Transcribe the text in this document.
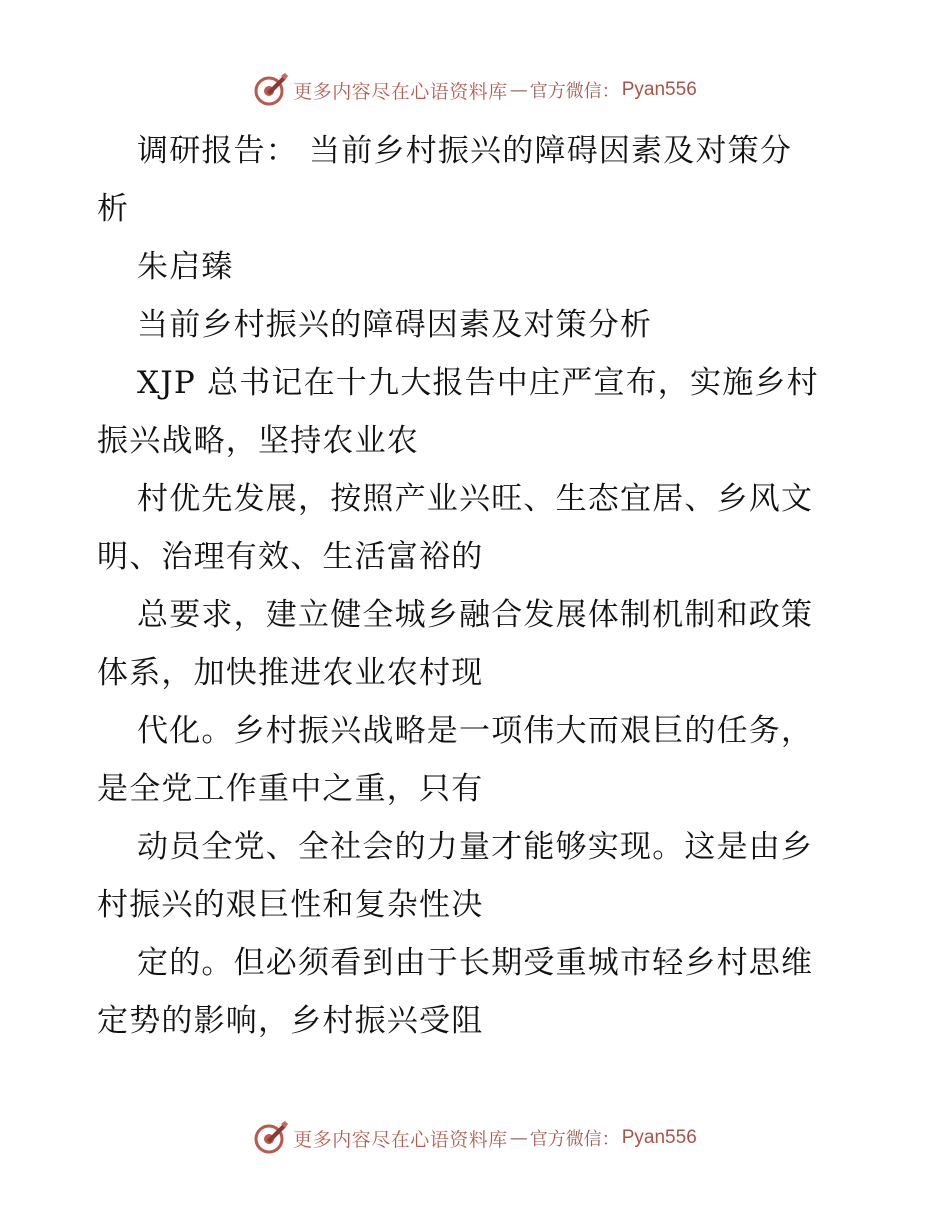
更多内容尽在心语资料库 — 官方微信： Pyan556
调研报告： 当前乡村振兴的障碍因素及对策分
析
朱启臻
当前乡村振兴的障碍因素及对策分析
XJP 总书记在十九大报告中庄严宣布，实施乡村
振兴战略，坚持农业农
村优先发展，按照产业兴旺、生态宜居、乡风文
明、治理有效、生活富裕的
总要求，建立健全城乡融合发展体制机制和政策
体系，加快推进农业农村现
代化。乡村振兴战略是一项伟大而艰巨的任务，
是全党工作重中之重，只有
动员全党、全社会的力量才能够实现。这是由乡
村振兴的艰巨性和复杂性决
定的。但必须看到由于长期受重城市轻乡村思维
定势的影响，乡村振兴受阻
更多内容尽在心语资料库 — 官方微信： Pyan556
